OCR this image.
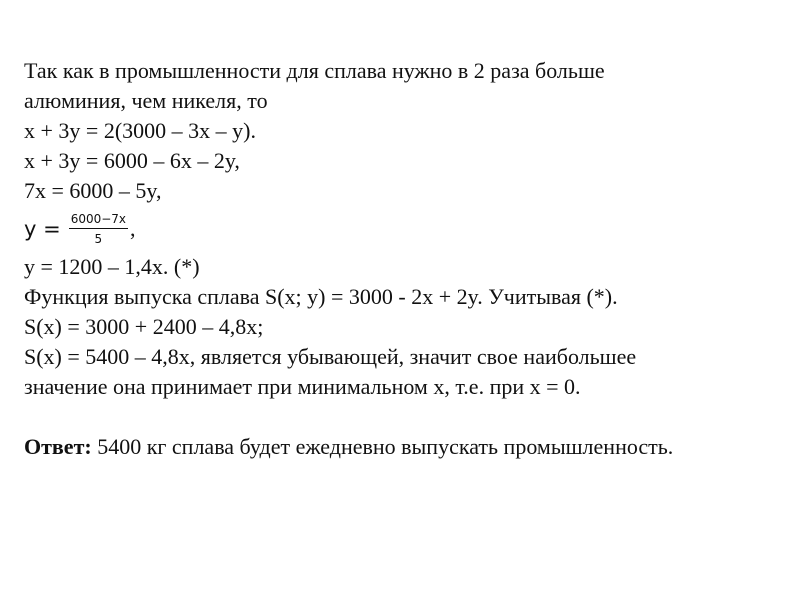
Так как в промышленности для сплава нужно в 2 раза больше
алюминия, чем никеля, то
x + 3y = 2(3000 – 3x – y).
x + 3y = 6000 – 6x – 2y,
7x = 6000 – 5y,
$y = \frac{6000-7x}{5}$ ,
y = 1200 – 1,4x. (*)
Функция выпуска сплава S(x; y) = 3000 - 2x + 2y. Учитывая (*).
S(x) = 3000 + 2400 – 4,8x;
S(x) = 5400 – 4,8x, является убывающей, значит свое наибольшее
значение она принимает при минимальном x, т.е. при x = 0.
Ответ: 5400 кг сплава будет ежедневно выпускать промышленность.
